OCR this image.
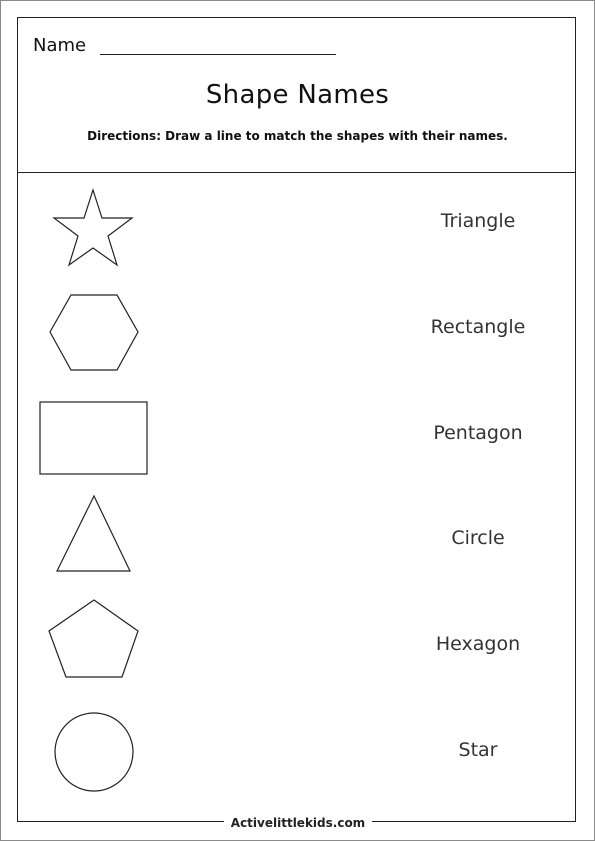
Name
Shape Names
Directions: Draw a line to match the shapes with their names.
Triangle
Rectangle
Pentagon
Circle
Hexagon
Star
Activelittlekids.com
